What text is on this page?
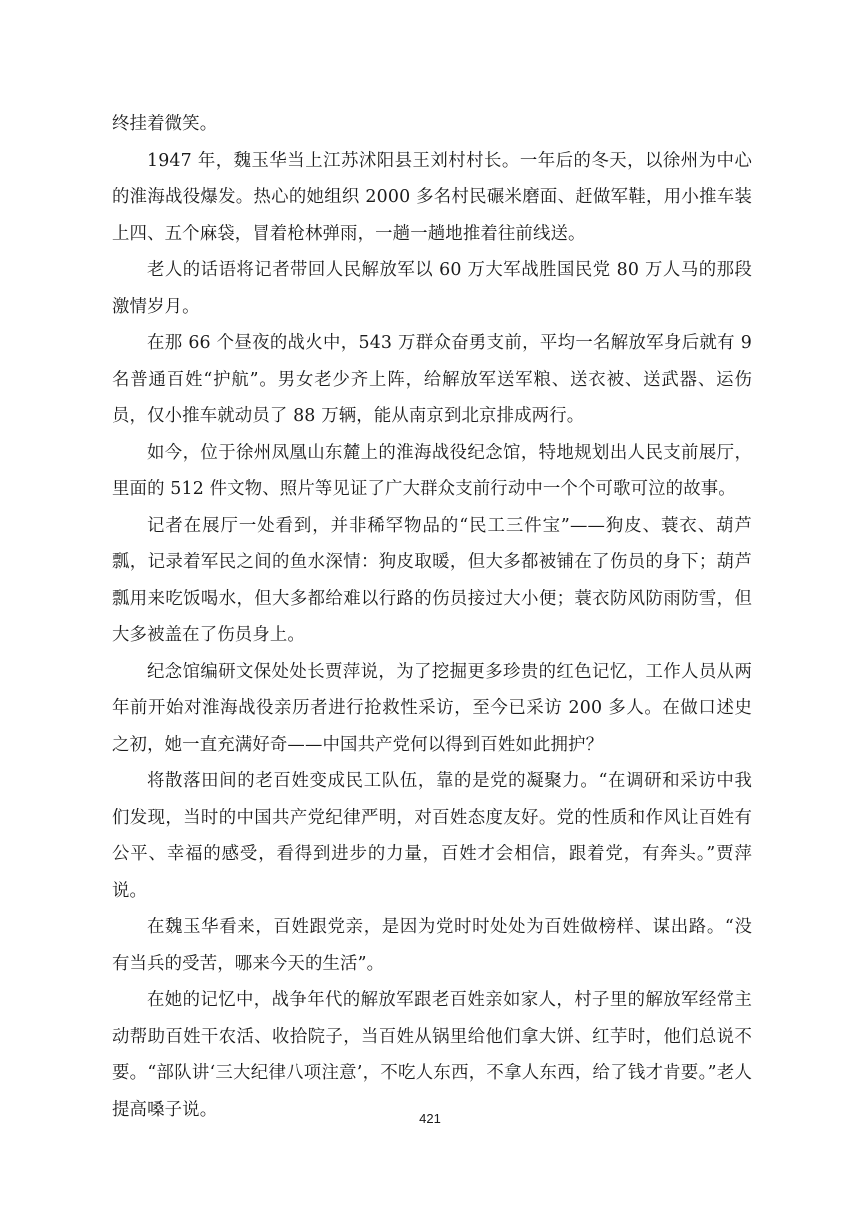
终挂着微笑。

1947 年，魏玉华当上江苏沭阳县王刘村村长。一年后的冬天，以徐州为中心的淮海战役爆发。热心的她组织 2000 多名村民碾米磨面、赶做军鞋，用小推车装上四、五个麻袋，冒着枪林弹雨，一趟一趟地推着往前线送。

老人的话语将记者带回人民解放军以 60 万大军战胜国民党 80 万人马的那段激情岁月。

在那 66 个昼夜的战火中，543 万群众奋勇支前，平均一名解放军身后就有 9 名普通百姓“护航”。男女老少齐上阵，给解放军送军粮、送衣被、送武器、运伤员，仅小推车就动员了 88 万辆，能从南京到北京排成两行。

如今，位于徐州凤凰山东麓上的淮海战役纪念馆，特地规划出人民支前展厅，里面的 512 件文物、照片等见证了广大群众支前行动中一个个可歌可泣的故事。

记者在展厅一处看到，并非稀罕物品的“民工三件宝”——狗皮、蓑衣、葫芦瓢，记录着军民之间的鱼水深情：狗皮取暖，但大多都被铺在了伤员的身下；葫芦瓢用来吃饭喝水，但大多都给难以行路的伤员接过大小便；蓑衣防风防雨防雪，但大多被盖在了伤员身上。

纪念馆编研文保处处长贾萍说，为了挖掘更多珍贵的红色记忆，工作人员从两年前开始对淮海战役亲历者进行抢救性采访，至今已采访 200 多人。在做口述史之初，她一直充满好奇——中国共产党何以得到百姓如此拥护？

将散落田间的老百姓变成民工队伍，靠的是党的凝聚力。“在调研和采访中我们发现，当时的中国共产党纪律严明，对百姓态度友好。党的性质和作风让百姓有公平、幸福的感受，看得到进步的力量，百姓才会相信，跟着党，有奔头。”贾萍说。

在魏玉华看来，百姓跟党亲，是因为党时时处处为百姓做榜样、谋出路。“没有当兵的受苦，哪来今天的生活”。

在她的记忆中，战争年代的解放军跟老百姓亲如家人，村子里的解放军经常主动帮助百姓干农活、收拾院子，当百姓从锅里给他们拿大饼、红芋时，他们总说不要。“部队讲‘三大纪律八项注意’，不吃人东西，不拿人东西，给了钱才肯要。”老人提高嗓子说。	421
